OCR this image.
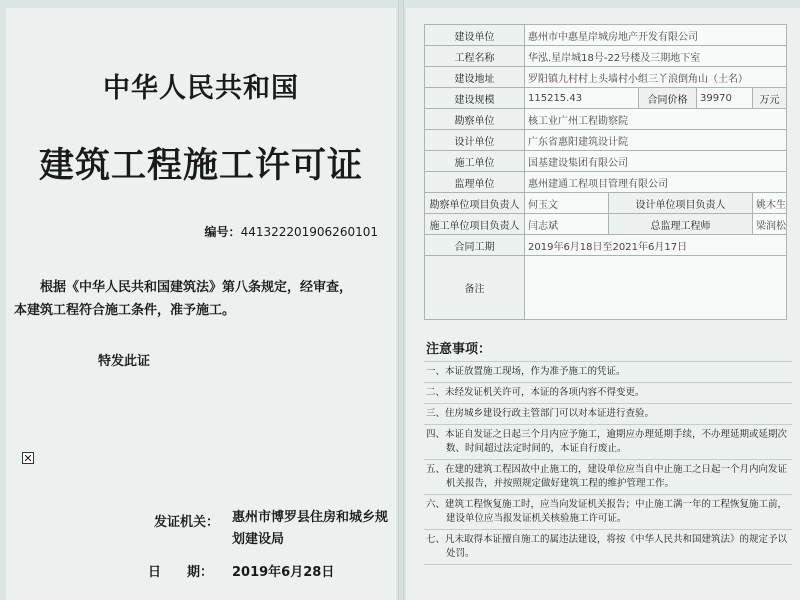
中华人民共和国
建筑工程施工许可证
编号：441322201906260101
根据《中华人民共和国建筑法》第八条规定，经审查，
本建筑工程符合施工条件，准予施工。
特发此证
发证机关： 惠州市博罗县住房和城乡规划建设局
日　　期： 2019年6月28日
建设单位	惠州市中惠星岸城房地产开发有限公司				
工程名称	华泓.星岸城18号-22号楼及三期地下室				
建设地址	罗阳镇九村村上头墙村小组三丫浪倒角山（土名）				
建设规模	115215.43		合同价格	39970	万元
勘察单位	核工业广州工程勘察院				
设计单位	广东省惠阳建筑设计院				
施工单位	国基建设集团有限公司				
监理单位	惠州建通工程项目管理有限公司				
勘察单位项目负责人	何玉文	设计单位项目负责人			姚木生
施工单位项目负责人	闫志斌	总监理工程师			梁润松
合同工期	2019年6月18日至2021年6月17日				
备注					
注意事项：
一、本证放置施工现场，作为准予施工的凭证。
二、未经发证机关许可，本证的各项内容不得变更。
三、住房城乡建设行政主管部门可以对本证进行查验。
四、本证自发证之日起三个月内应予施工，逾期应办理延期手续，不办理延期或延期次数、时间超过法定时间的，本证自行废止。
五、在建的建筑工程因故中止施工的，建设单位应当自中止施工之日起一个月内向发证机关报告，并按照规定做好建筑工程的维护管理工作。
六、建筑工程恢复施工时，应当向发证机关报告；中止施工满一年的工程恢复施工前，建设单位应当报发证机关核验施工许可证。
七、凡未取得本证擅自施工的属违法建设，将按《中华人民共和国建筑法》的规定予以处罚。
